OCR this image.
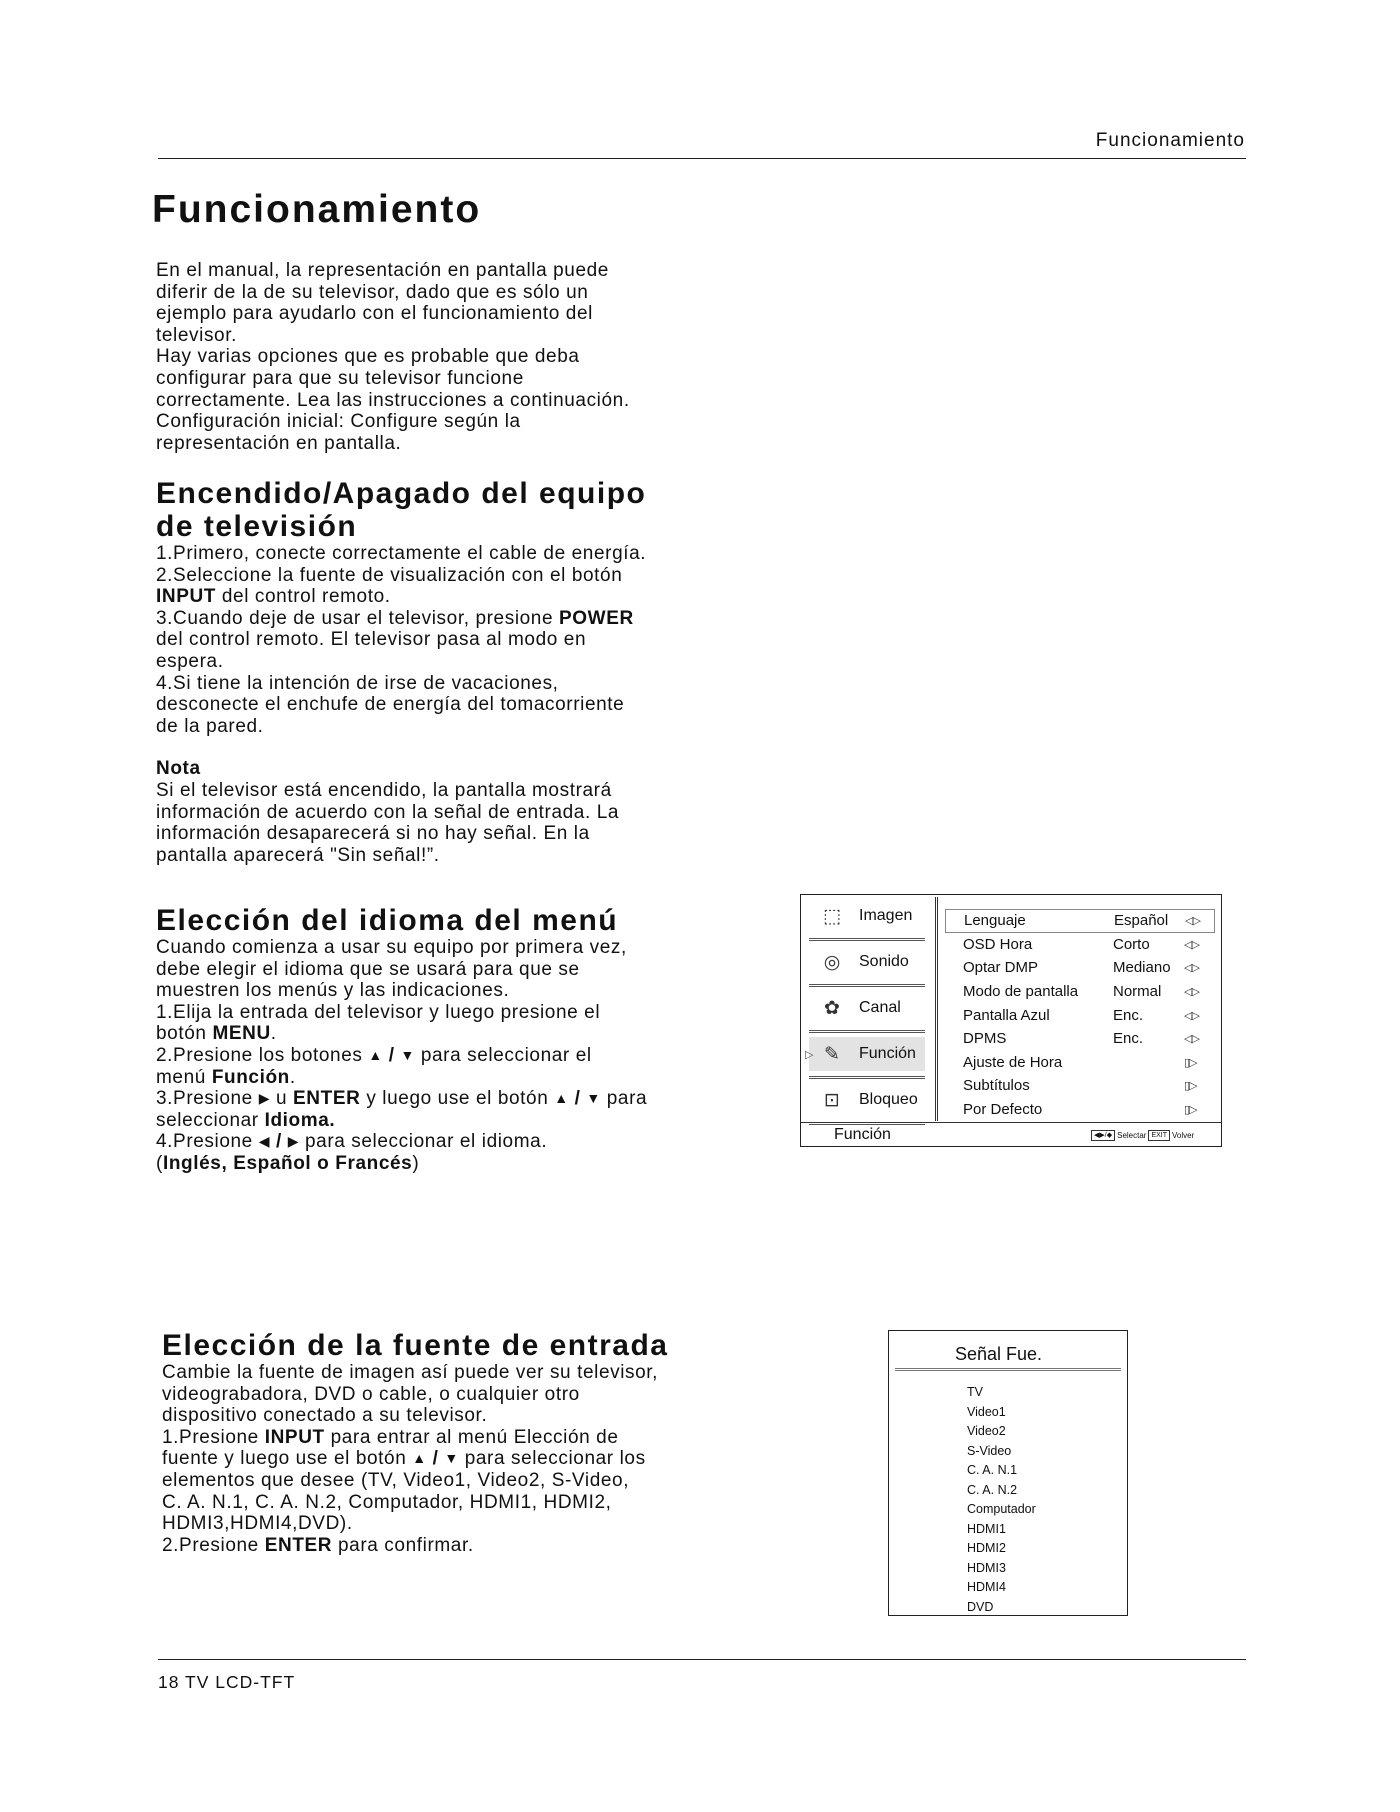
Funcionamiento
Funcionamiento

En el manual, la representación en pantalla puede

diferir de la de su televisor, dado que es sólo un

ejemplo para ayudarlo con el funcionamiento del

televisor.

Hay varias opciones que es probable que deba

configurar para que su televisor funcione

correctamente. Lea las instrucciones a continuación.

Configuración inicial: Configure según la

representación en pantalla.

Encendido/Apagado del equipo
de televisión

1.Primero, conecte correctamente el cable de energía.

2.Seleccione la fuente de visualización con el botón

INPUT del control remoto.

3.Cuando deje de usar el televisor, presione POWER

del control remoto. El televisor pasa al modo en

espera.

4.Si tiene la intención de irse de vacaciones,

desconecte el enchufe de energía del tomacorriente

de la pared.

Nota

Si el televisor está encendido, la pantalla mostrará

información de acuerdo con la señal de entrada. La

información desaparecerá si no hay señal. En la

pantalla aparecerá "Sin señal!”.

Elección del idioma del menú

Cuando comienza a usar su equipo por primera vez,

debe elegir el idioma que se usará para que se

muestren los menús y las indicaciones.

1.Elija la entrada del televisor y luego presione el

botón MENU.

2.Presione los botones ▲ / ▼ para seleccionar el

menú Función.

3.Presione ▶ u ENTER y luego use el botón ▲ / ▼ para

seleccionar Idioma.

4.Presione ◀ / ▶ para seleccionar el idioma.

(Inglés, Español o Francés)

⬚	Imagen
◎	Sonido
✿	Canal
▷ ✎	Función
⊡	Bloqueo
Lenguaje	Español ◁▷
OSD Hora	Corto	◁▷
Optar DMP	Mediano ◁▷
Modo de pantalla Normal ◁▷
Pantalla Azul	Enc.	◁▷
DPMS	Enc.	◁▷
Ajuste de Hora	▯▷
Subtítulos	▯▷
Por Defecto	▯▷
Función	◀▶/◆ Selectar EXIT Volver
Elección de la fuente de entrada

Cambie la fuente de imagen así puede ver su televisor,

videograbadora, DVD o cable, o cualquier otro

dispositivo conectado a su televisor.

1.Presione INPUT para entrar al menú Elección de

fuente y luego use el botón ▲ / ▼ para seleccionar los

elementos que desee (TV, Video1, Video2, S-Video,

C. A. N.1, C. A. N.2, Computador, HDMI1, HDMI2,

HDMI3,HDMI4,DVD).

2.Presione ENTER para confirmar.

Señal Fue.
TV
Video1
Video2
S-Video
C. A. N.1
C. A. N.2
Computador
HDMI1
HDMI2
HDMI3
HDMI4
DVD
18 TV LCD-TFT
